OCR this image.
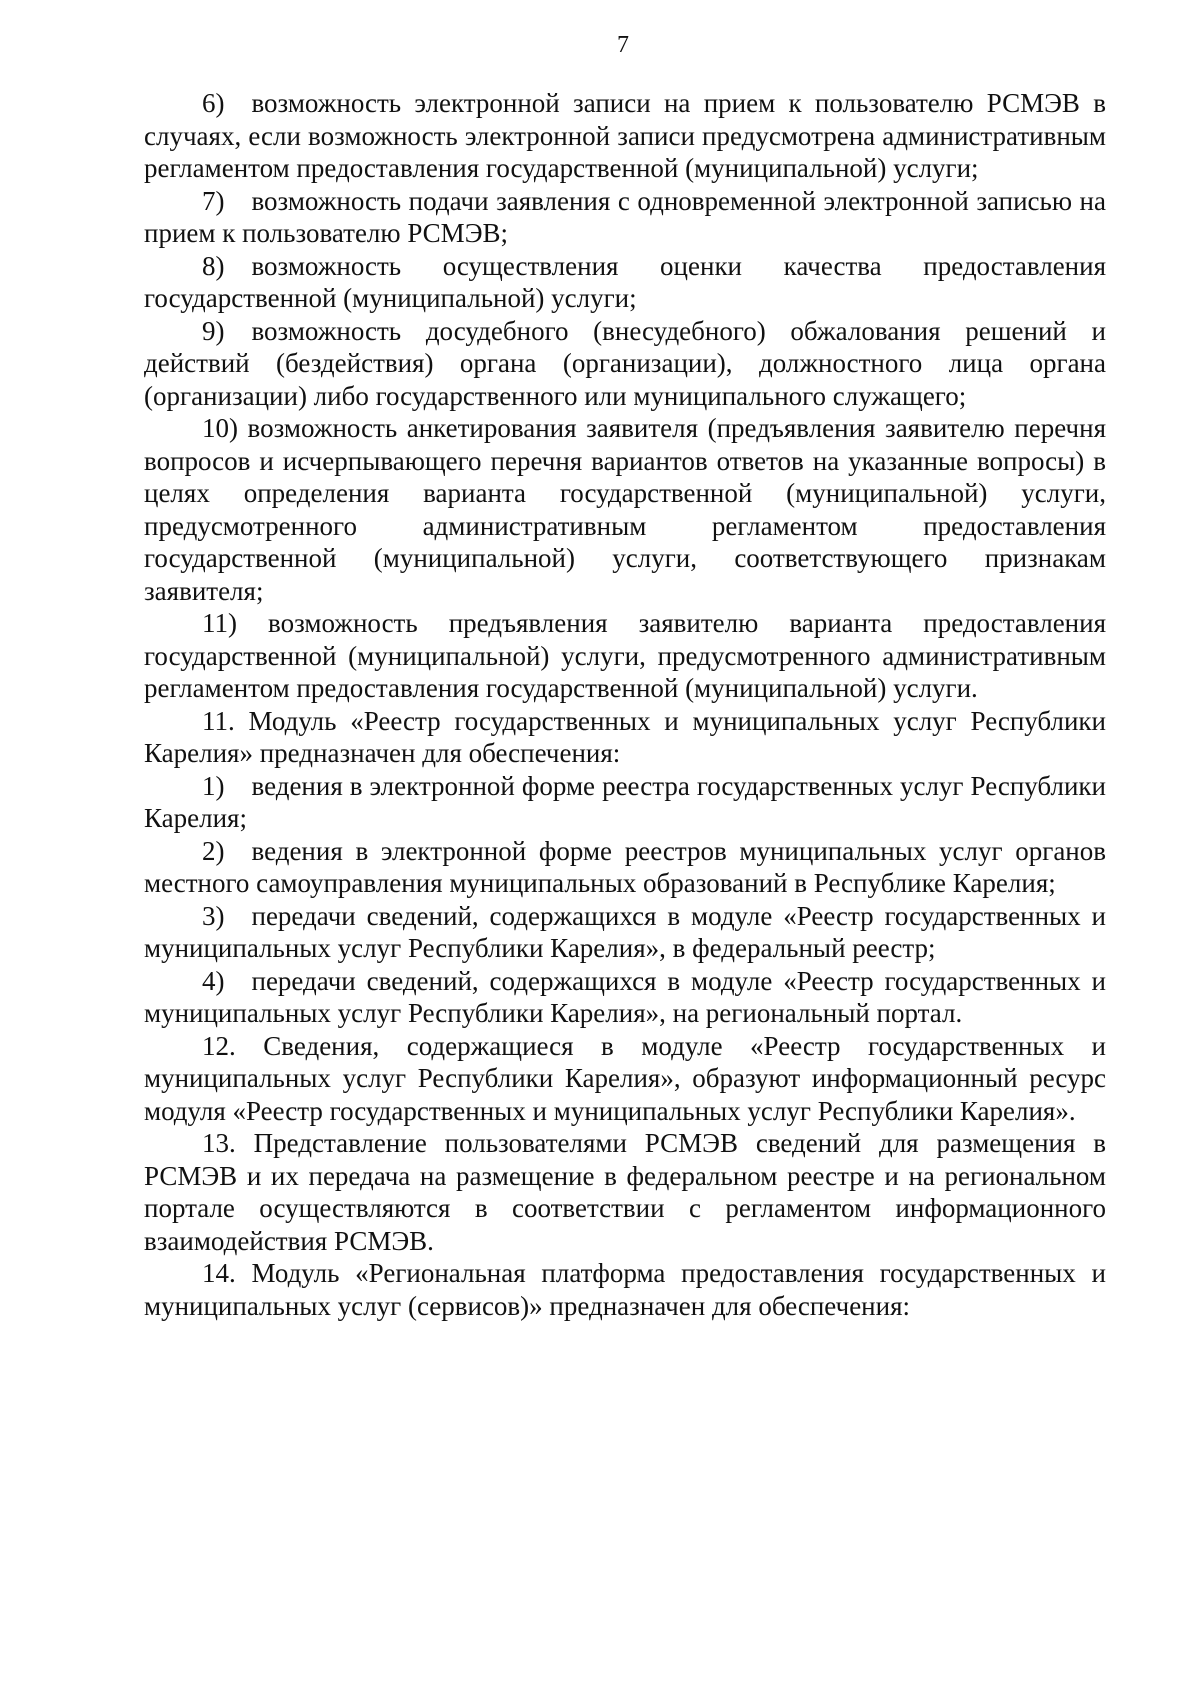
7

6) возможность электронной записи на прием к пользователю РСМЭВ в случаях, если возможность электронной записи предусмотрена административным регламентом предоставления государственной (муниципальной) услуги;

7) возможность подачи заявления с одновременной электронной записью на прием к пользователю РСМЭВ;

8) возможность осуществления оценки качества предоставления государственной (муниципальной) услуги;

9) возможность досудебного (внесудебного) обжалования решений и действий (бездействия) органа (организации), должностного лица органа (организации) либо государственного или муниципального служащего;

10) возможность анкетирования заявителя (предъявления заявителю перечня вопросов и исчерпывающего перечня вариантов ответов на указанные вопросы) в целях определения варианта государственной (муниципальной) услуги, предусмотренного административным регламентом предоставления государственной (муниципальной) услуги, соответствующего признакам заявителя;

11) возможность предъявления заявителю варианта предоставления государственной (муниципальной) услуги, предусмотренного административным регламентом предоставления государственной (муниципальной) услуги.

11. Модуль «Реестр государственных и муниципальных услуг Республики Карелия» предназначен для обеспечения:

1) ведения в электронной форме реестра государственных услуг Республики Карелия;

2) ведения в электронной форме реестров муниципальных услуг органов местного самоуправления муниципальных образований в Республике Карелия;

3) передачи сведений, содержащихся в модуле «Реестр государственных и муниципальных услуг Республики Карелия», в федеральный реестр;

4) передачи сведений, содержащихся в модуле «Реестр государственных и муниципальных услуг Республики Карелия», на региональный портал.

12. Сведения, содержащиеся в модуле «Реестр государственных и муниципальных услуг Республики Карелия», образуют информационный ресурс модуля «Реестр государственных и муниципальных услуг Республики Карелия».

13. Представление пользователями РСМЭВ сведений для размещения в РСМЭВ и их передача на размещение в федеральном реестре и на региональном портале осуществляются в соответствии с регламентом информационного взаимодействия РСМЭВ.

14. Модуль «Региональная платформа предоставления государственных и муниципальных услуг (сервисов)» предназначен для обеспечения:
